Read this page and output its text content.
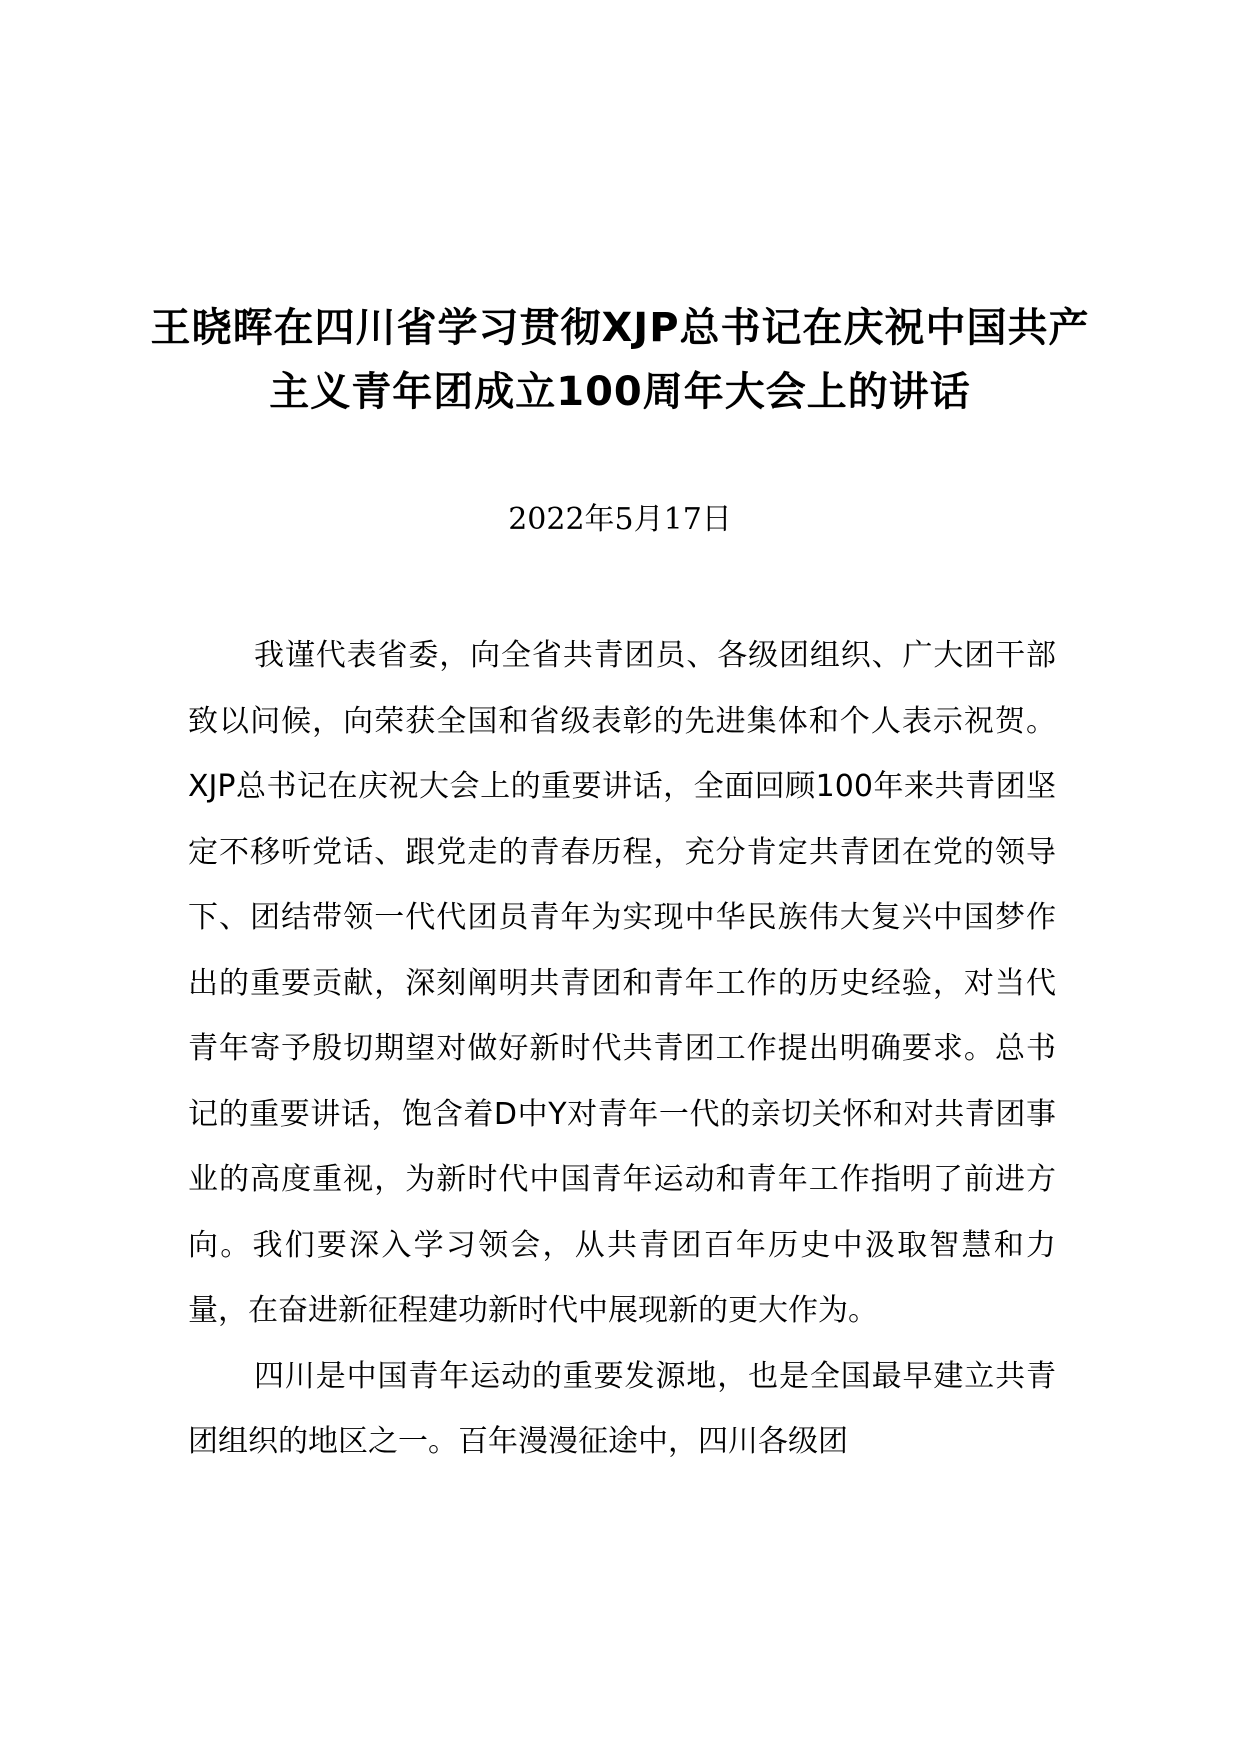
王晓晖在四川省学习贯彻XJP总书记在庆祝中国共产主义青年团成立100周年大会上的讲话
2022年5月17日

我谨代表省委，向全省共青团员、各级团组织、广大团干部致以问候，向荣获全国和省级表彰的先进集体和个人表示祝贺。XJP总书记在庆祝大会上的重要讲话，全面回顾100年来共青团坚定不移听党话、跟党走的青春历程，充分肯定共青团在党的领导下、团结带领一代代团员青年为实现中华民族伟大复兴中国梦作出的重要贡献，深刻阐明共青团和青年工作的历史经验，对当代青年寄予殷切期望对做好新时代共青团工作提出明确要求。总书记的重要讲话，饱含着D中Y对青年一代的亲切关怀和对共青团事业的高度重视，为新时代中国青年运动和青年工作指明了前进方向。我们要深入学习领会，从共青团百年历史中汲取智慧和力量，在奋进新征程建功新时代中展现新的更大作为。

四川是中国青年运动的重要发源地，也是全国最早建立共青团组织的地区之一。百年漫漫征途中，四川各级团
